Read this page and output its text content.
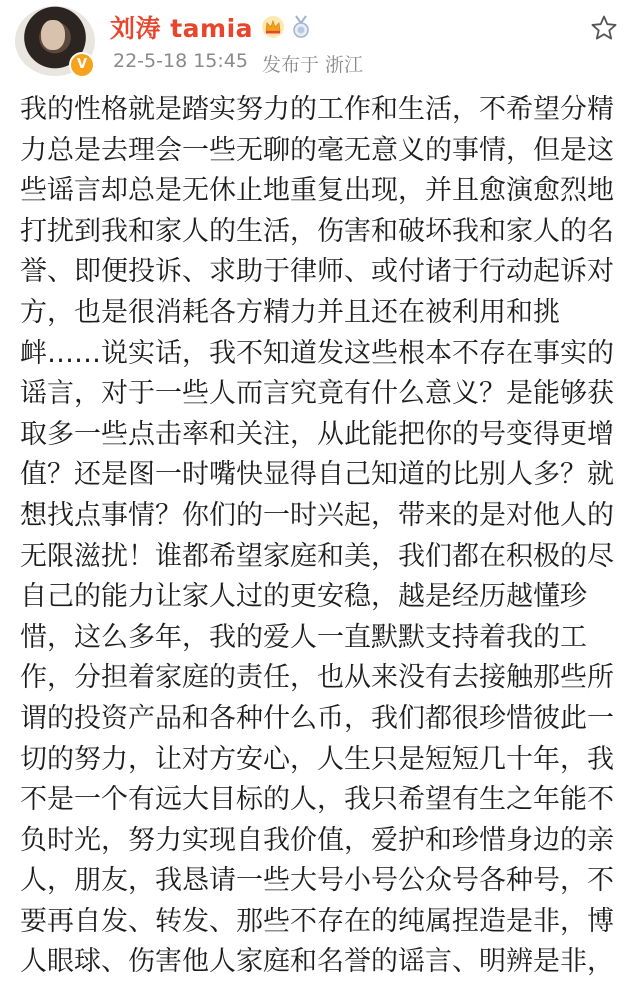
V
刘涛 tamia
22-5-18 15:45 发布于 浙江
我的性格就是踏实努力的工作和生活，不希望分精
力总是去理会一些无聊的毫无意义的事情，但是这
些谣言却总是无休止地重复出现，并且愈演愈烈地
打扰到我和家人的生活，伤害和破坏我和家人的名
誉、即便投诉、求助于律师、或付诸于行动起诉对
方，也是很消耗各方精力并且还在被利用和挑
衅……说实话，我不知道发这些根本不存在事实的
谣言，对于一些人而言究竟有什么意义？是能够获
取多一些点击率和关注，从此能把你的号变得更增
值？还是图一时嘴快显得自己知道的比别人多？就
想找点事情？你们的一时兴起，带来的是对他人的
无限滋扰！谁都希望家庭和美，我们都在积极的尽
自己的能力让家人过的更安稳，越是经历越懂珍
惜，这么多年，我的爱人一直默默支持着我的工
作，分担着家庭的责任，也从来没有去接触那些所
谓的投资产品和各种什么币，我们都很珍惜彼此一
切的努力，让对方安心，人生只是短短几十年，我
不是一个有远大目标的人，我只希望有生之年能不
负时光，努力实现自我价值，爱护和珍惜身边的亲
人，朋友，我恳请一些大号小号公众号各种号，不
要再自发、转发、那些不存在的纯属捏造是非，博
人眼球、伤害他人家庭和名誉的谣言、明辨是非，
